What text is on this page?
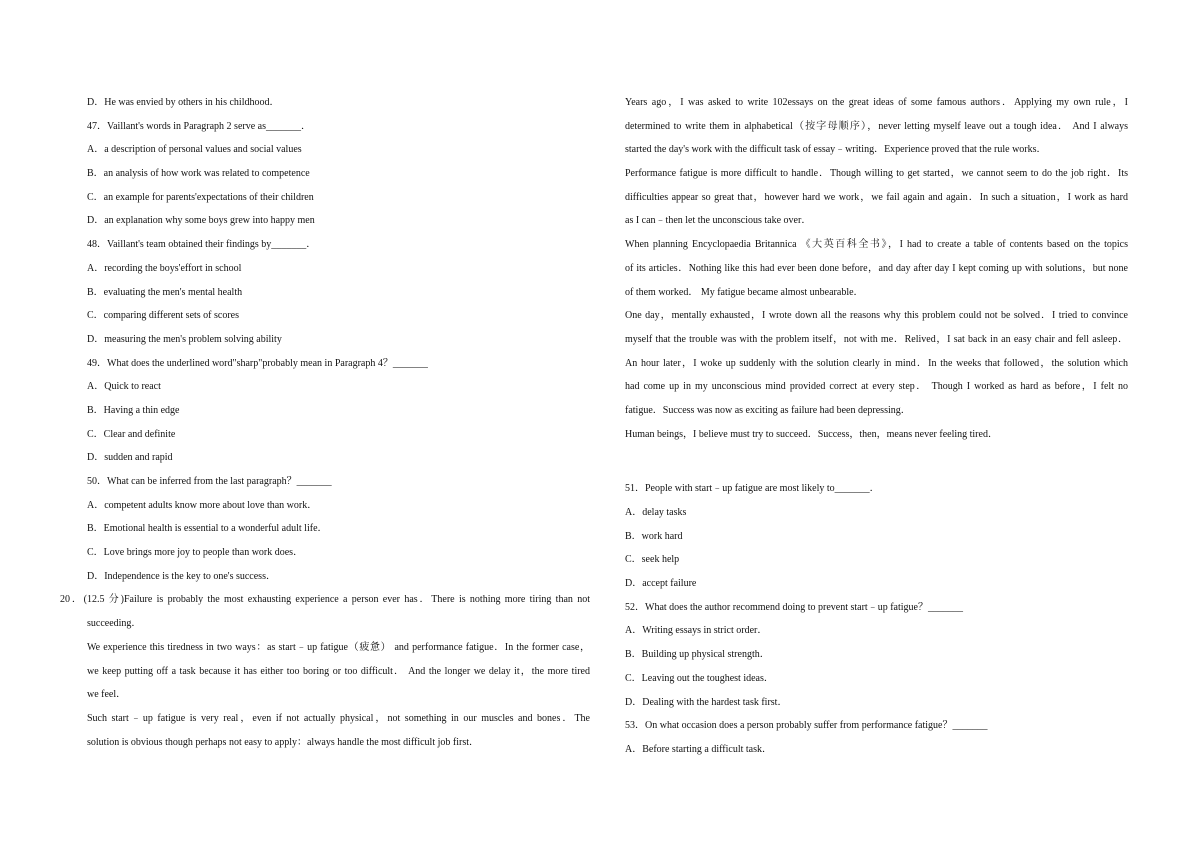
D．He was envied by others in his childhood．
47．Vaillant's words in Paragraph 2 serve as_______．
A．a description of personal values and social values
B．an analysis of how work was related to competence
C．an example for parents'expectations of their children
D．an explanation why some boys grew into happy men
48．Vaillant's team obtained their findings by_______．
A．recording the boys'effort in school
B．evaluating the men's mental health
C．comparing different sets of scores
D．measuring the men's problem solving ability
49．What does the underlined word"sharp"probably mean in Paragraph 4？_______
A．Quick to react
B．Having a thin edge
C．Clear and definite
D．sudden and rapid
50．What can be inferred from the last paragraph？_______
A．competent adults know more about love than work．
B．Emotional health is essential to a wonderful adult life．
C．Love brings more joy to people than work does．
D．Independence is the key to one's success．
20．(12.5 分)Failure is probably the most exhausting experience a person ever has．There is nothing more tiring than not
succeeding．
We experience this tiredness in two ways：as start﹣up fatigue（疲惫） and performance fatigue．In the former case，
we keep putting off a task because it has either too boring or too difficult． And the longer we delay it，the more tired
we feel．
Such start﹣up fatigue is very real，even if not actually physical，not something in our muscles and bones．The
solution is obvious though perhaps not easy to apply：always handle the most difficult job first．
Years ago，I was asked to write 102essays on the great ideas of some famous authors．Applying my own rule，I
determined to write them in alphabetical（按字母顺序），never letting myself leave out a tough idea． And I always
started the day's work with the difficult task of essay﹣writing．Experience proved that the rule works．
Performance fatigue is more difficult to handle．Though willing to get started，we cannot seem to do the job right．Its
difficulties appear so great that，however hard we work，we fail again and again．In such a situation，I work as hard
as I can﹣then let the unconscious take over．
When planning Encyclopaedia Britannica 《大英百科全书》，I had to create a table of contents based on the topics
of its articles．Nothing like this had ever been done before，and day after day I kept coming up with solutions，but none
of them worked． My fatigue became almost unbearable．
One day，mentally exhausted，I wrote down all the reasons why this problem could not be solved．I tried to convince
myself that the trouble was with the problem itself，not with me．Relived，I sat back in an easy chair and fell asleep．
An hour later，I woke up suddenly with the solution clearly in mind．In the weeks that followed，the solution which
had come up in my unconscious mind provided correct at every step． Though I worked as hard as before，I felt no
fatigue．Success was now as exciting as failure had been depressing．
Human beings，I believe must try to succeed．Success，then，means never feeling tired．
51．People with start﹣up fatigue are most likely to_______．
A．delay tasks
B．work hard
C．seek help
D．accept failure
52．What does the author recommend doing to prevent start﹣up fatigue？_______
A．Writing essays in strict order．
B．Building up physical strength．
C．Leaving out the toughest ideas．
D．Dealing with the hardest task first．
53．On what occasion does a person probably suffer from performance fatigue？_______
A．Before starting a difficult task．
